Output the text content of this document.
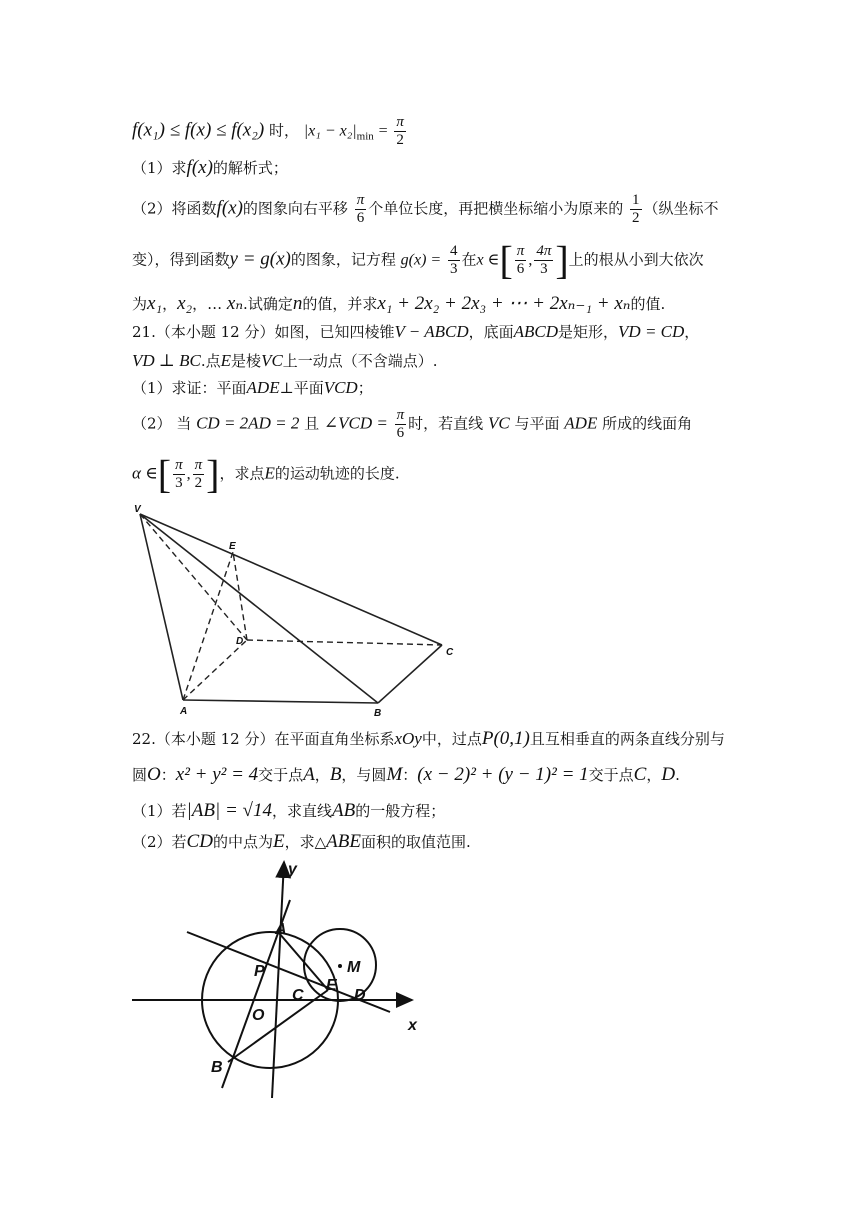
f(x₁) ≤ f(x) ≤ f(x₂) 时， $|x_1 - x_2|_{min} = \frac{\pi}{2}$
（1）求f(x)的解析式；
（2）将函数f(x)的图象向右平移 $\frac{\pi}{6}$ 个单位长度，再把横坐标缩小为原来的 $\frac{1}{2}$ （纵坐标不
变），得到函数y = g(x)的图象，记方程 $g(x) = \frac{4}{3}$ 在x ∈[ $\frac{\pi}{6}$ , $\frac{4\pi}{3}$ ]上的根从小到大依次
为x₁，x₂，… xₙ.试确定n的值，并求x₁ + 2x₂ + 2x₃ + ⋯ + 2xₙ₋₁ + xₙ的值.
21.（本小题 12 分）如图，已知四棱锥V − ABCD，底面ABCD是矩形，VD = CD，
VD ⊥ BC.点E是棱VC上一动点（不含端点）.
（1）求证：平面ADE⊥平面VCD；
（2） 当 CD = 2AD = 2 且 ∠VCD = $\frac{\pi}{6}$ 时，若直线 VC 与平面 ADE 所成的线面角
α ∈[ $\frac{\pi}{3}$ , $\frac{\pi}{2}$ ]，求点E的运动轨迹的长度.
V
E
D
C
A	B
22.（本小题 12 分）在平面直角坐标系xOy中，过点P(0,1)且互相垂直的两条直线分别与
圆O：x² + y² = 4交于点A，B，与圆M：(x − 2)² + (y − 1)² = 1交于点C，D.
（1）若|AB| = √14，求直线AB的一般方程；
（2）若CD的中点为E，求△ABE面积的取值范围.
y
x
A
P
O
B
C
E
M
D
